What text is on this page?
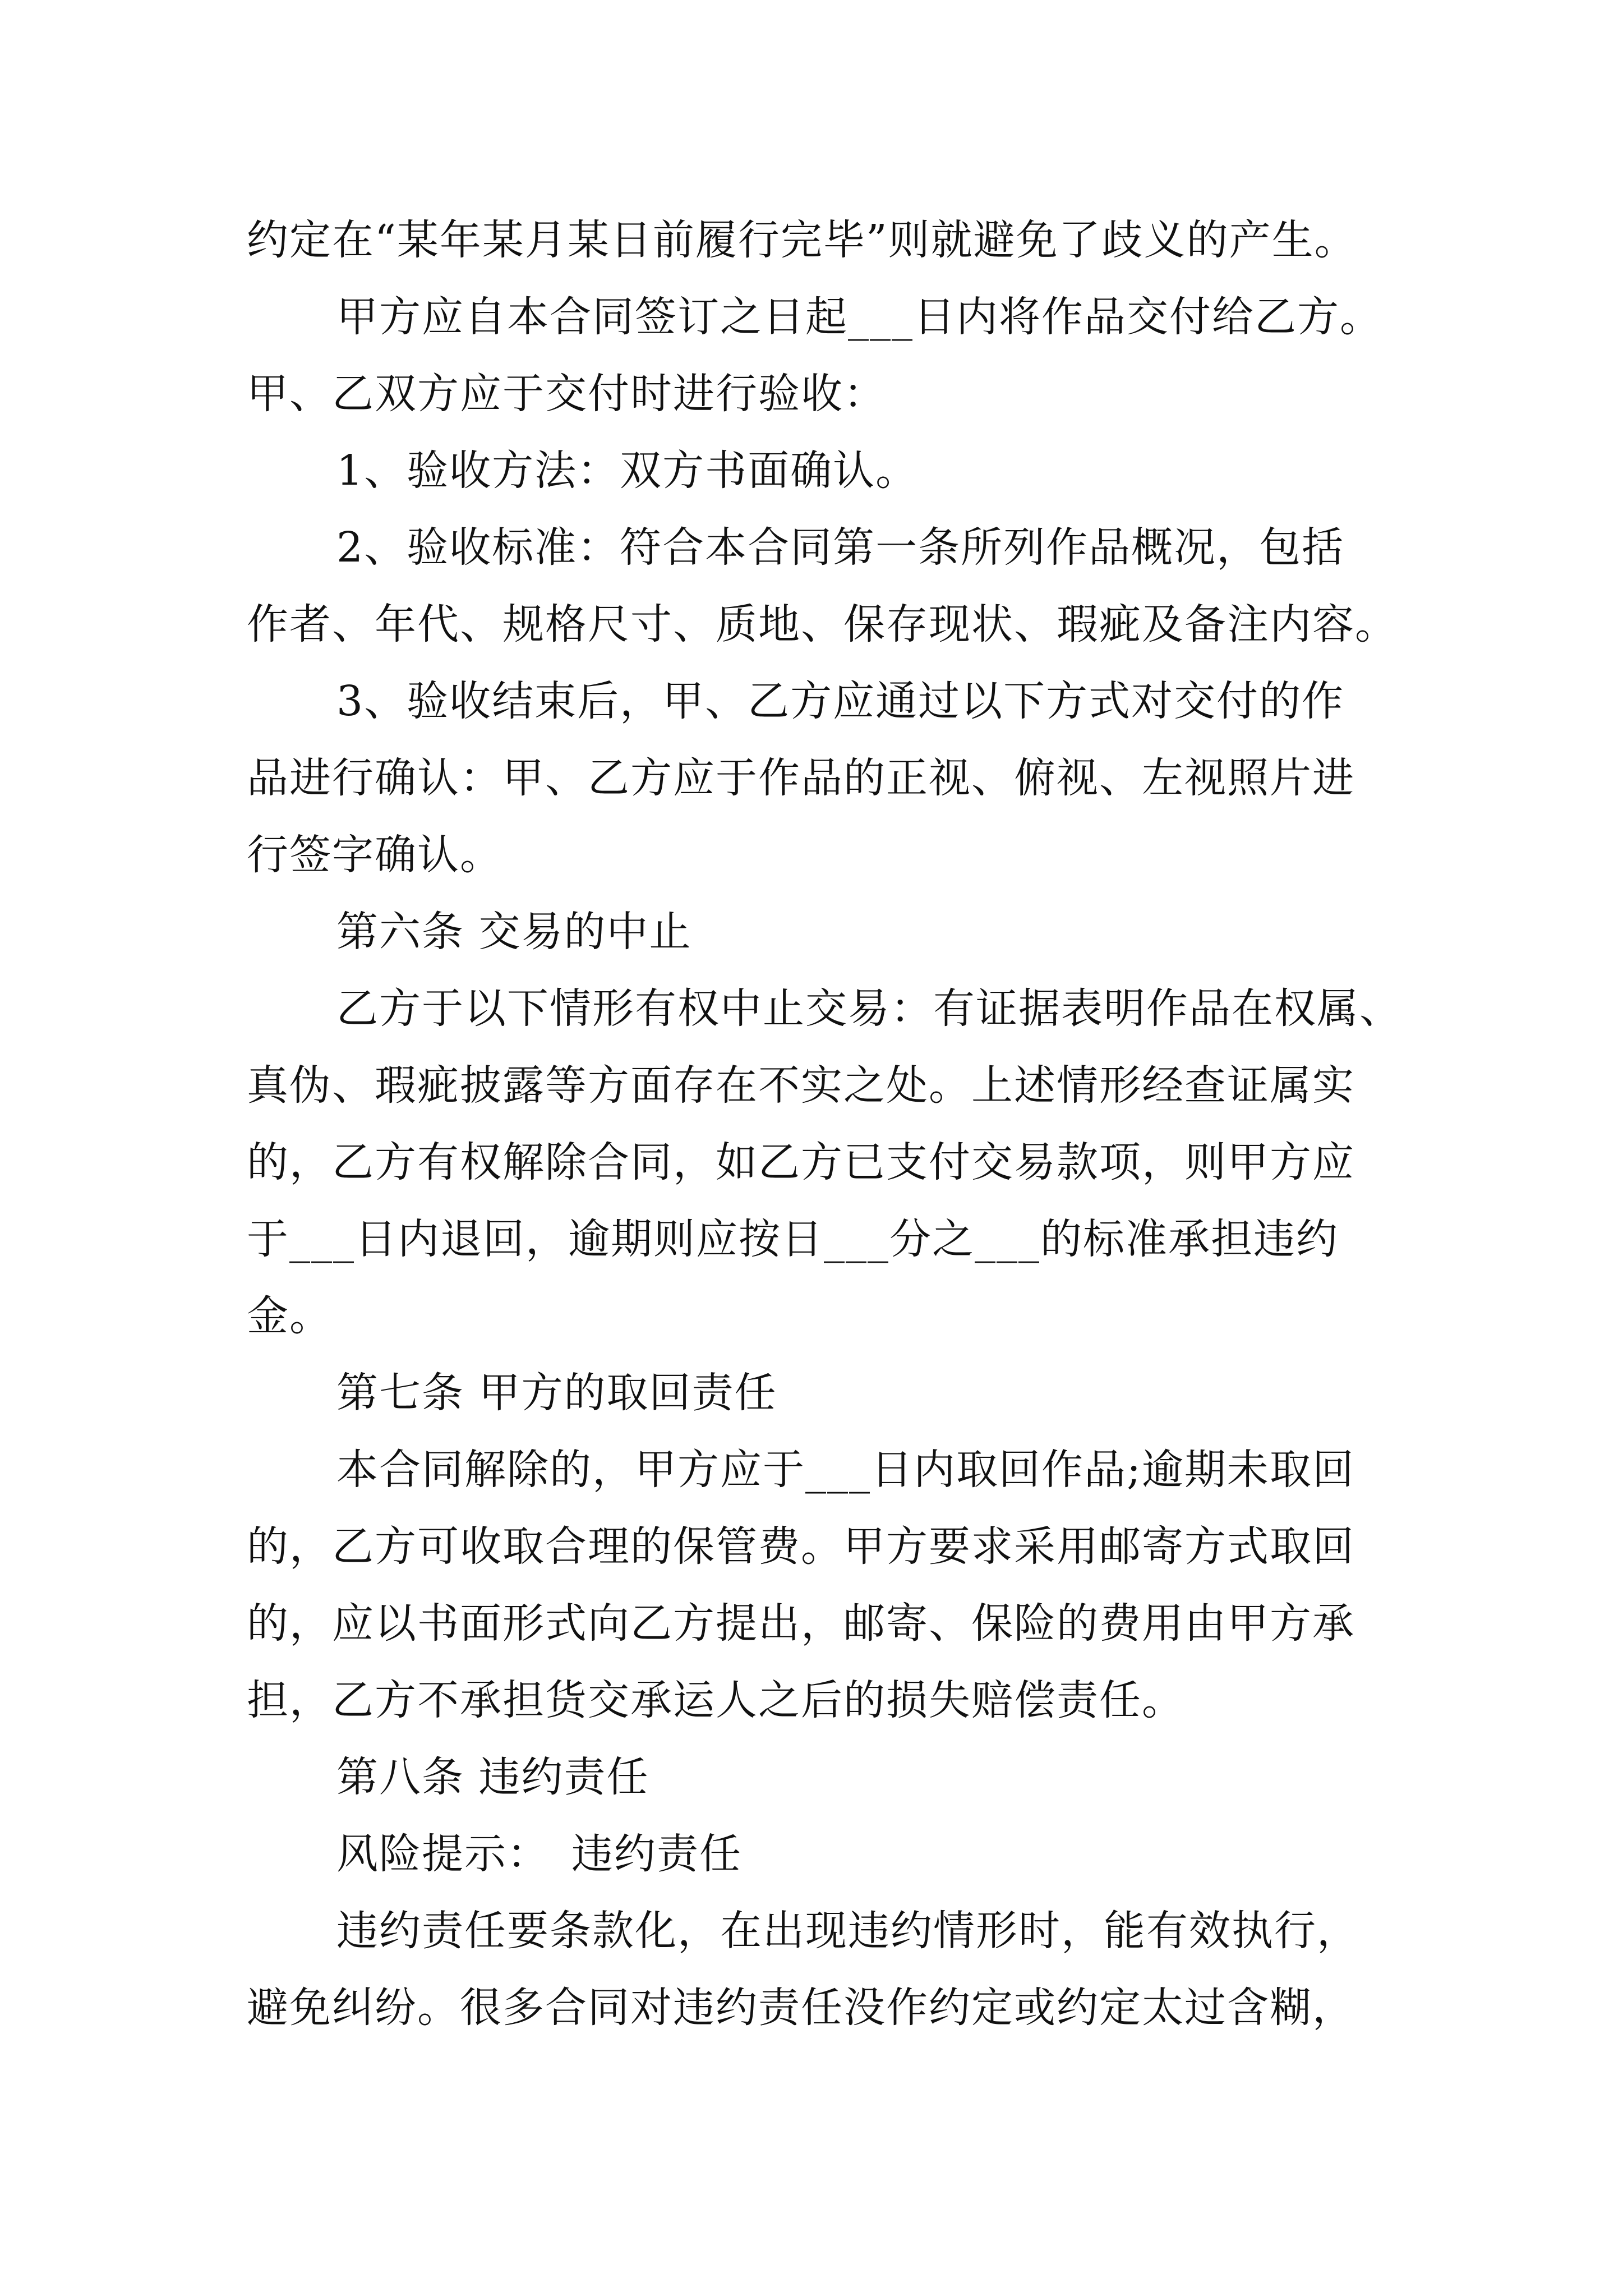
约定在“某年某月某日前履行完毕”则就避免了歧义的产生。
甲方应自本合同签订之日起___日内将作品交付给乙方。
甲、乙双方应于交付时进行验收：
1、验收方法：双方书面确认。
2、验收标准：符合本合同第一条所列作品概况，包括
作者、年代、规格尺寸、质地、保存现状、瑕疵及备注内容。
3、验收结束后，甲、乙方应通过以下方式对交付的作
品进行确认：甲、乙方应于作品的正视、俯视、左视照片进
行签字确认。
第六条 交易的中止
乙方于以下情形有权中止交易：有证据表明作品在权属、
真伪、瑕疵披露等方面存在不实之处。上述情形经查证属实
的，乙方有权解除合同，如乙方已支付交易款项，则甲方应
于___日内退回，逾期则应按日___分之___的标准承担违约
金。
第七条 甲方的取回责任
本合同解除的，甲方应于___日内取回作品;逾期未取回
的，乙方可收取合理的保管费。甲方要求采用邮寄方式取回
的，应以书面形式向乙方提出，邮寄、保险的费用由甲方承
担，乙方不承担货交承运人之后的损失赔偿责任。
第八条 违约责任
风险提示：　违约责任
违约责任要条款化，在出现违约情形时，能有效执行，
避免纠纷。很多合同对违约责任没作约定或约定太过含糊，
